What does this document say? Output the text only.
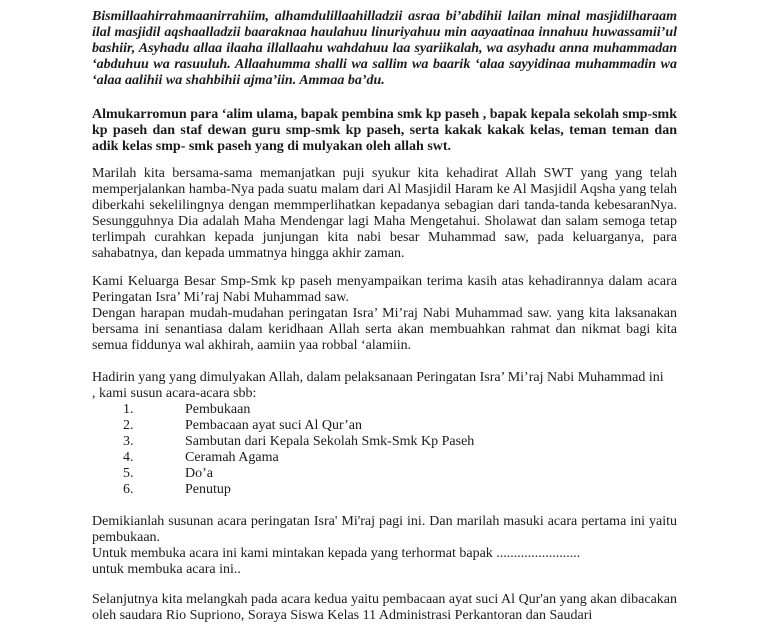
Bismillaahirrahmaanirrahiim, alhamdulillaahilladzii asraa bi’abdihii lailan minal masjidilharaam ilal masjidil aqshaalladzii baaraknaa haulahuu linuriyahuu min aayaatinaa innahuu huwassamii’ul bashiir, Asyhadu allaa ilaaha illallaahu wahdahuu laa syariikalah, wa asyhadu anna muhammadan ‘abduhuu wa rasuuluh. Allaahumma shalli wa sallim wa baarik ‘alaa sayyidinaa muhammadin wa ‘alaa aalihii wa shahbihii ajma’iin. Ammaa ba’du.

Almukarromun para ‘alim ulama, bapak pembina smk kp paseh , bapak kepala sekolah smp-smk kp paseh dan staf dewan guru smp-smk kp paseh, serta kakak kakak kelas, teman teman dan adik kelas smp- smk paseh yang di mulyakan oleh allah swt.

Marilah kita bersama-sama memanjatkan puji syukur kita kehadirat Allah SWT yang yang telah memperjalankan hamba-Nya pada suatu malam dari Al Masjidil Haram ke Al Masjidil Aqsha yang telah diberkahi sekelilingnya dengan memmperlihatkan kepadanya sebagian dari tanda-tanda kebesaranNya. Sesungguhnya Dia adalah Maha Mendengar lagi Maha Mengetahui. Sholawat dan salam semoga tetap terlimpah curahkan kepada junjungan kita nabi besar Muhammad saw, pada keluarganya, para sahabatnya, dan kepada ummatnya hingga akhir zaman.

Kami Keluarga Besar Smp-Smk kp paseh menyampaikan terima kasih atas kehadirannya dalam acara Peringatan Isra’ Mi’raj Nabi Muhammad saw.

Dengan harapan mudah-mudahan peringatan Isra’ Mi’raj Nabi Muhammad saw. yang kita laksanakan bersama ini senantiasa dalam keridhaan Allah serta akan membuahkan rahmat dan nikmat bagi kita semua fiddunya wal akhirah, aamiin yaa robbal ‘alamiin.

Hadirin yang yang dimulyakan Allah, dalam pelaksanaan Peringatan Isra’ Mi’raj Nabi Muhammad ini

, kami susun acara-acara sbb:

1.	Pembukaan
2.	Pembacaan ayat suci Al Qur’an
3.	Sambutan dari Kepala Sekolah Smk-Smk Kp Paseh
4.	Ceramah Agama
5.	Do’a
6.	Penutup

Demikianlah susunan acara peringatan Isra' Mi'raj pagi ini. Dan marilah masuki acara pertama ini yaitu pembukaan.

Untuk membuka acara ini kami mintakan kepada yang terhormat bapak ........................

untuk membuka acara ini..

Selanjutnya kita melangkah pada acara kedua yaitu pembacaan ayat suci Al Qur'an yang akan dibacakan oleh saudara Rio Supriono, Soraya Siswa Kelas 11 Administrasi Perkantoran dan Saudari
